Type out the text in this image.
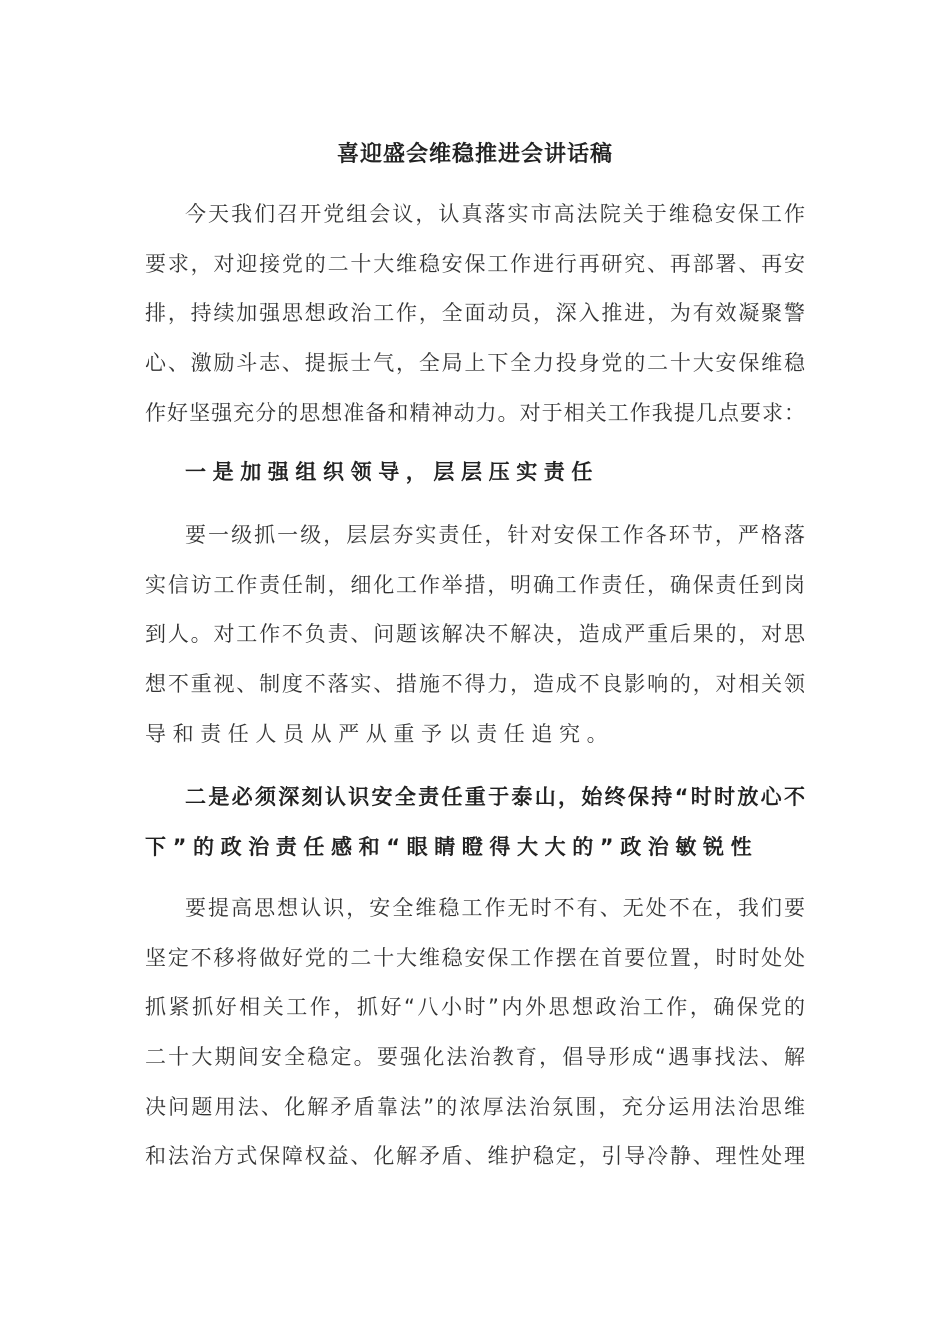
喜迎盛会维稳推进会讲话稿
今天我们召开党组会议，认真落实市高法院关于维稳安保工作
要求，对迎接党的二十大维稳安保工作进行再研究、再部署、再安
排，持续加强思想政治工作，全面动员，深入推进，为有效凝聚警
心、激励斗志、提振士气，全局上下全力投身党的二十大安保维稳
作好坚强充分的思想准备和精神动力。对于相关工作我提几点要求：
一是加强组织领导，层层压实责任
要一级抓一级，层层夯实责任，针对安保工作各环节，严格落
实信访工作责任制，细化工作举措，明确工作责任，确保责任到岗
到人。对工作不负责、问题该解决不解决，造成严重后果的，对思
想不重视、制度不落实、措施不得力，造成不良影响的，对相关领
导和责任人员从严从重予以责任追究。
二是必须深刻认识安全责任重于泰山，始终保持“时时放心不
下”的政治责任感和“眼睛瞪得大大的”政治敏锐性
要提高思想认识，安全维稳工作无时不有、无处不在，我们要
坚定不移将做好党的二十大维稳安保工作摆在首要位置，时时处处
抓紧抓好相关工作，抓好“八小时”内外思想政治工作，确保党的
二十大期间安全稳定。要强化法治教育，倡导形成“遇事找法、解
决问题用法、化解矛盾靠法”的浓厚法治氛围，充分运用法治思维
和法治方式保障权益、化解矛盾、维护稳定，引导冷静、理性处理
